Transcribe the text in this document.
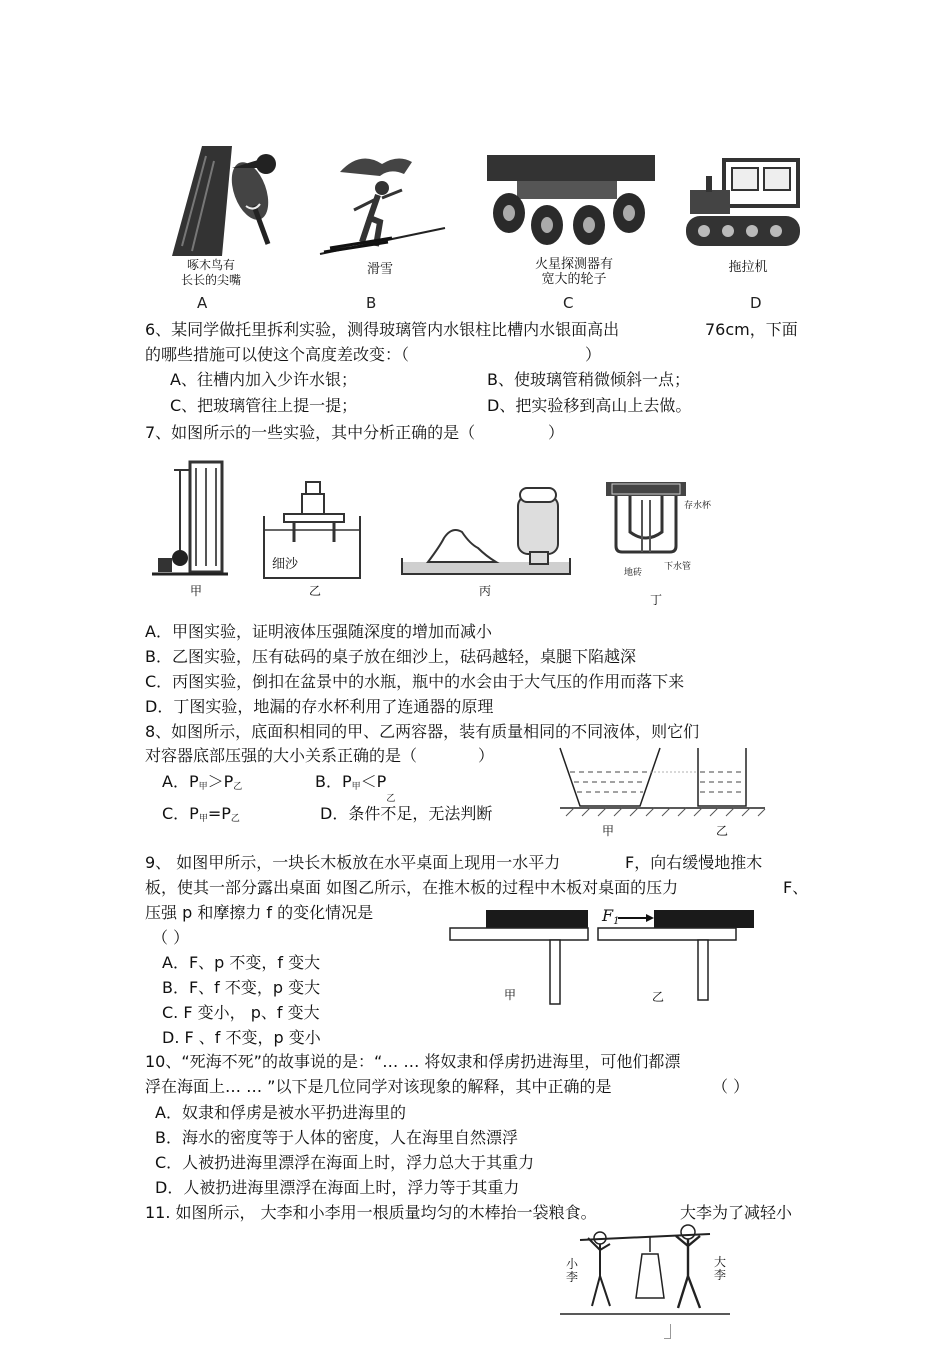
啄木鸟有
长长的尖嘴
A
滑雪
B
火星探测器有
宽大的轮子
C
拖拉机
D
6、某同学做托里拆利实验，测得玻璃管内水银柱比槽内水银面高出	76cm，下面
的哪些措施可以使这个高度差改变：（	）
A、往槽内加入少许水银；	B、使玻璃管稍微倾斜一点；
C、把玻璃管往上提一提；	D、把实验移到高山上去做。
7、如图所示的一些实验，其中分析正确的是（	）
甲
细沙
乙	丙
存水杯
地砖
下水管
丁
A．甲图实验，证明液体压强随深度的增加而减小
B．乙图实验，压有砝码的桌子放在细沙上，砝码越轻，桌腿下陷越深
C．丙图实验，倒扣在盆景中的水瓶，瓶中的水会由于大气压的作用而落下来
D．丁图实验，地漏的存水杯利用了连通器的原理
8、如图所示，底面积相同的甲、乙两容器，装有质量相同的不同液体，则它们
对容器底部压强的大小关系正确的是（	）
A．P甲＞P乙	B．P甲$<P_乙$
C．P甲=P乙	D．条件不足，无法判断
甲	乙
9、 如图甲所示，一块长木板放在水平桌面上现用一水平力	F，向右缓慢地推木
板，使其一部分露出桌面 如图乙所示，在推木板的过程中木板对桌面的压力	F、
压强 p 和摩擦力 f 的变化情况是
（ ）
A．F、p 不变，f 变大
B．F、f 不变，p 变大
C. F 变小， p、f 变大
D. F 、f 不变，p 变小
F1
甲	乙
10、“死海不死”的故事说的是：“… … 将奴隶和俘虏扔进海里，可他们都漂
浮在海面上… … ”以下是几位同学对该现象的解释，其中正确的是	（ ）
A．奴隶和俘虏是被水平扔进海里的
B．海水的密度等于人体的密度，人在海里自然漂浮
C．人被扔进海里漂浮在海面上时，浮力总大于其重力
D．人被扔进海里漂浮在海面上时，浮力等于其重力
11. 如图所示， 大李和小李用一根质量均匀的木棒抬一袋粮食。	大李为了减轻小
小
李
大
李
